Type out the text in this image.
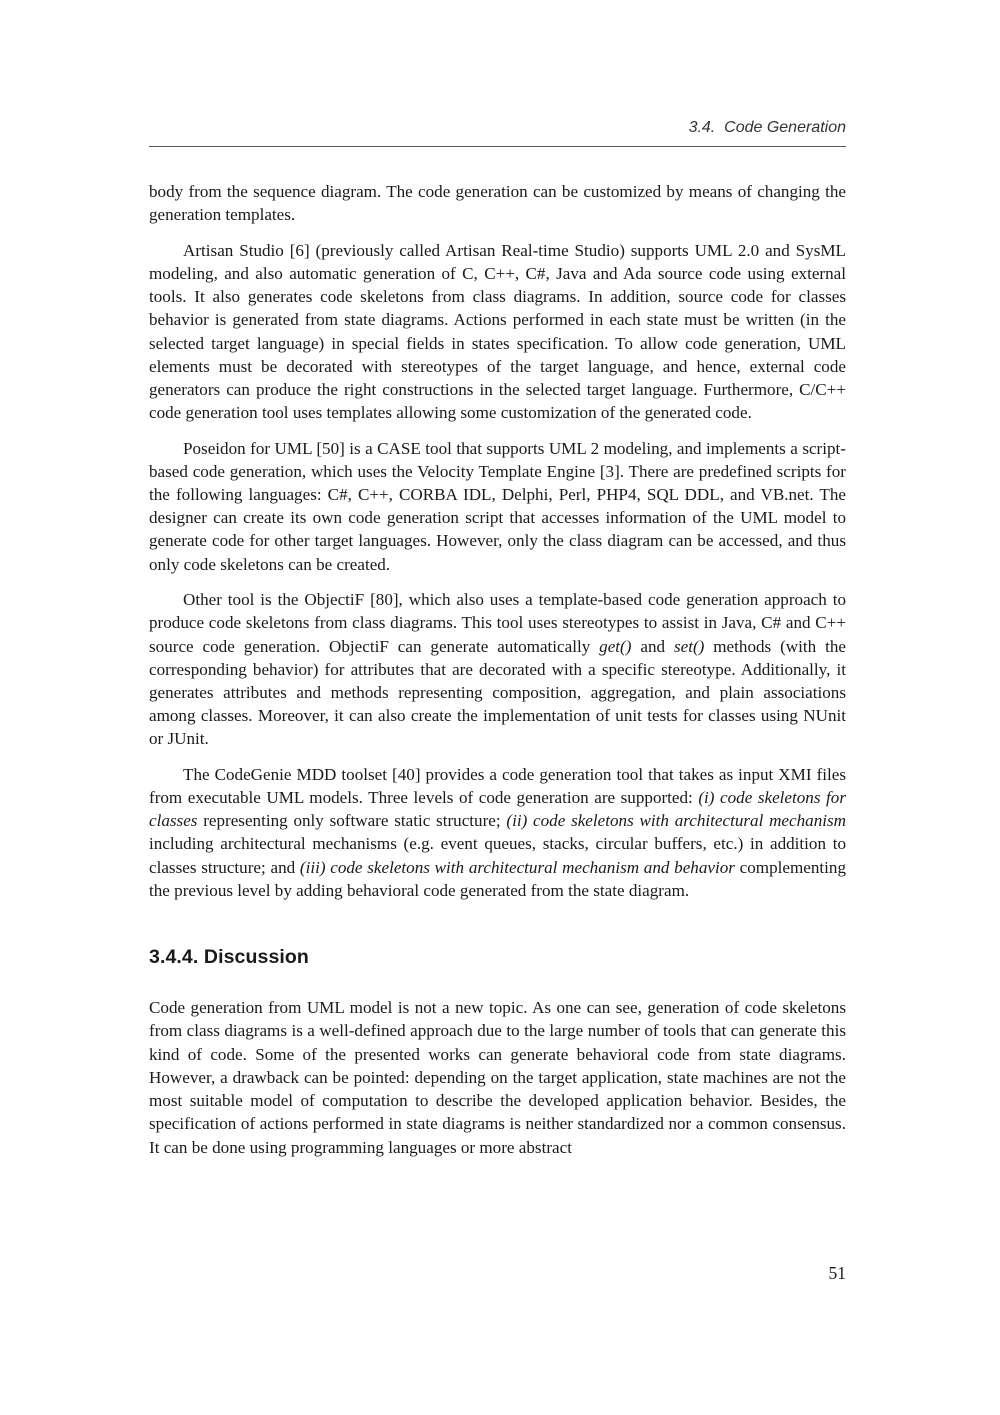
3.4.  Code Generation

body from the sequence diagram. The code generation can be customized by means of changing the generation templates.

Artisan Studio [6] (previously called Artisan Real-time Studio) supports UML 2.0 and SysML modeling, and also automatic generation of C, C++, C#, Java and Ada source code using external tools. It also generates code skeletons from class diagrams. In addition, source code for classes behavior is generated from state diagrams. Actions performed in each state must be written (in the selected target language) in special fields in states specification. To allow code generation, UML elements must be decorated with stereotypes of the target language, and hence, external code generators can produce the right constructions in the selected target language. Furthermore, C/C++ code generation tool uses templates allowing some customization of the generated code.

Poseidon for UML [50] is a CASE tool that supports UML 2 modeling, and implements a script-based code generation, which uses the Velocity Template Engine [3]. There are predefined scripts for the following languages: C#, C++, CORBA IDL, Delphi, Perl, PHP4, SQL DDL, and VB.net. The designer can create its own code generation script that accesses information of the UML model to generate code for other target languages. However, only the class diagram can be accessed, and thus only code skeletons can be created.

Other tool is the ObjectiF [80], which also uses a template-based code generation approach to produce code skeletons from class diagrams. This tool uses stereotypes to assist in Java, C# and C++ source code generation. ObjectiF can generate automatically get() and set() methods (with the corresponding behavior) for attributes that are decorated with a specific stereotype. Additionally, it generates attributes and methods representing composition, aggregation, and plain associations among classes. Moreover, it can also create the implementation of unit tests for classes using NUnit or JUnit.

The CodeGenie MDD toolset [40] provides a code generation tool that takes as input XMI files from executable UML models. Three levels of code generation are supported: (i) code skeletons for classes representing only software static structure; (ii) code skeletons with architectural mechanism including architectural mechanisms (e.g. event queues, stacks, circular buffers, etc.) in addition to classes structure; and (iii) code skeletons with architectural mechanism and behavior complementing the previous level by adding behavioral code generated from the state diagram.

3.4.4. Discussion

Code generation from UML model is not a new topic. As one can see, generation of code skeletons from class diagrams is a well-defined approach due to the large number of tools that can generate this kind of code. Some of the presented works can generate behavioral code from state diagrams. However, a drawback can be pointed: depending on the target application, state machines are not the most suitable model of computation to describe the developed application behavior. Besides, the specification of actions performed in state diagrams is neither standardized nor a common consensus. It can be done using programming languages or more abstract

51
